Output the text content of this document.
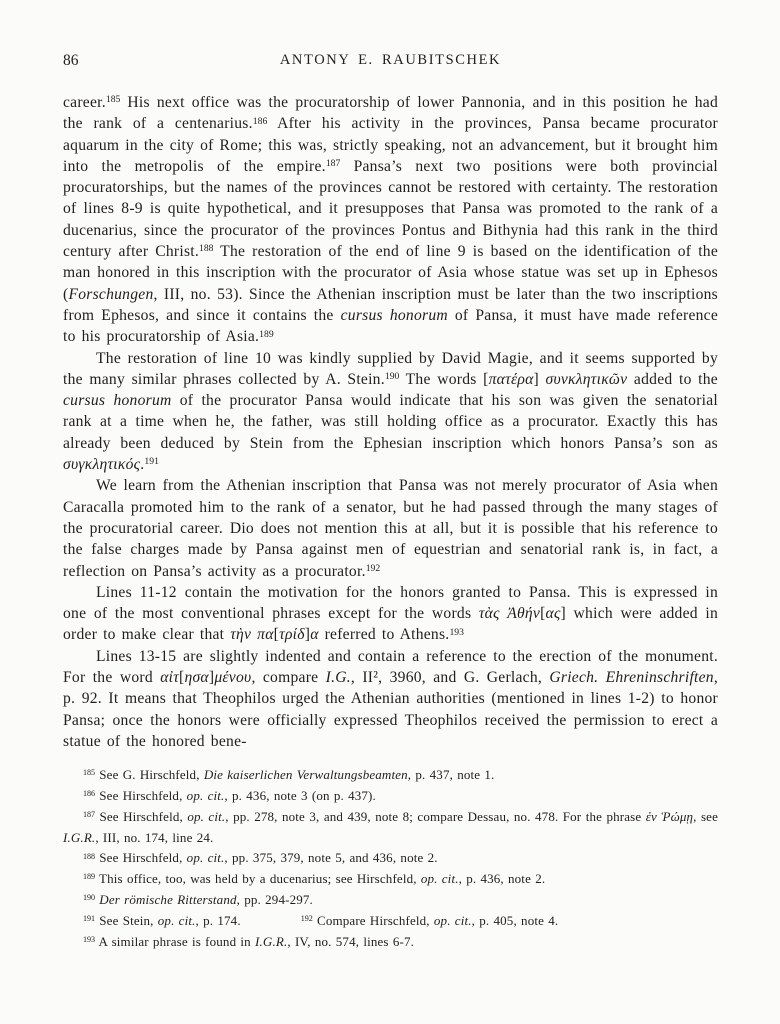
86	ANTONY E. RAUBITSCHEK

career.$^{185}$ His next office was the procuratorship of lower Pannonia, and in this position he had the rank of a centenarius.$^{186}$ After his activity in the provinces, Pansa became procurator aquarum in the city of Rome; this was, strictly speaking, not an advancement, but it brought him into the metropolis of the empire.$^{187}$ Pansa’s next two positions were both provincial procuratorships, but the names of the provinces cannot be restored with certainty. The restoration of lines 8-9 is quite hypothetical, and it presupposes that Pansa was promoted to the rank of a ducenarius, since the procurator of the provinces Pontus and Bithynia had this rank in the third century after Christ.$^{188}$ The restoration of the end of line 9 is based on the identification of the man honored in this inscription with the procurator of Asia whose statue was set up in Ephesos (Forschungen, III, no. 53). Since the Athenian inscription must be later than the two inscriptions from Ephesos, and since it contains the cursus honorum of Pansa, it must have made reference to his procuratorship of Asia.$^{189}$

The restoration of line 10 was kindly supplied by David Magie, and it seems supported by the many similar phrases collected by A. Stein.$^{190}$ The words [πατέρα] συνκλητικῶν added to the cursus honorum of the procurator Pansa would indicate that his son was given the senatorial rank at a time when he, the father, was still holding office as a procurator. Exactly this has already been deduced by Stein from the Ephesian inscription which honors Pansa’s son as συγκλητικός.$^{191}$

We learn from the Athenian inscription that Pansa was not merely procurator of Asia when Caracalla promoted him to the rank of a senator, but he had passed through the many stages of the procuratorial career. Dio does not mention this at all, but it is possible that his reference to the false charges made by Pansa against men of equestrian and senatorial rank is, in fact, a reflection on Pansa’s activity as a procurator.$^{192}$

Lines 11-12 contain the motivation for the honors granted to Pansa. This is expressed in one of the most conventional phrases except for the words τὰς Ἀθήν[ας] which were added in order to make clear that τὴν πα[τρίδ]α referred to Athens.$^{193}$

Lines 13-15 are slightly indented and contain a reference to the erection of the monument. For the word αἰτ[ησα]μένου, compare I.G., II², 3960, and G. Gerlach, Griech. Ehreninschriften, p. 92. It means that Theophilos urged the Athenian authorities (mentioned in lines 1-2) to honor Pansa; once the honors were officially expressed Theophilos received the permission to erect a statue of the honored bene-

$^{185}$ See G. Hirschfeld, Die kaiserlichen Verwaltungsbeamten, p. 437, note 1.

$^{186}$ See Hirschfeld, op. cit., p. 436, note 3 (on p. 437).

$^{187}$ See Hirschfeld, op. cit., pp. 278, note 3, and 439, note 8; compare Dessau, no. 478. For the phrase ἐν Ῥώμῃ, see I.G.R., III, no. 174, line 24.

$^{188}$ See Hirschfeld, op. cit., pp. 375, 379, note 5, and 436, note 2.

$^{189}$ This office, too, was held by a ducenarius; see Hirschfeld, op. cit., p. 436, note 2.

$^{190}$ Der römische Ritterstand, pp. 294-297.

$^{191}$ See Stein, op. cit., p. 174.	$^{192}$ Compare Hirschfeld, op. cit., p. 405, note 4.

$^{193}$ A similar phrase is found in I.G.R., IV, no. 574, lines 6-7.
